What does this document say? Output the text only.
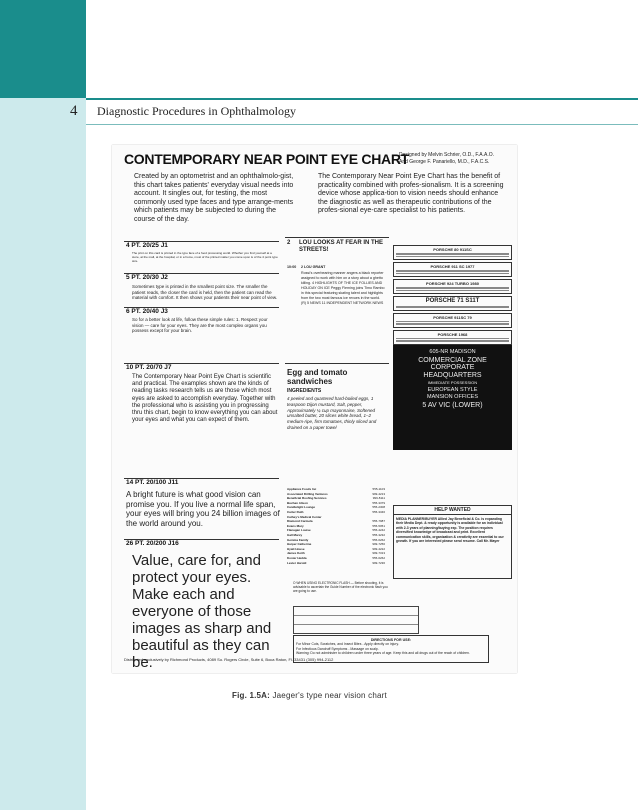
4 Diagnostic Procedures in Ophthalmology
CONTEMPORARY NEAR POINT EYE CHART
Designed by Melvin Schrier, O.D., F.A.A.O.
And George F. Panariello, M.D., F.A.C.S.
Created by an optometrist and an ophthalmolo-gist, this chart takes patients' everyday visual needs into account. It singles out, for testing, the most commonly used type faces and type arrange-ments which patients may be subjected to during the course of the day.
The Contemporary Near Point Eye Chart has the benefit of practicality combined with profes-sionalism. It is a screening device whose applica-tion to vision needs should enhance the diagnostic as well as therapeutic contributions of the profes-sional eye-care specialist to his patients.
4 PT. 20/25 J1
The print on this card is printed in the type face of a food processing world. Whether you find yourself at a store, at the mall, at the hospital, or in a home, most of the printed matter you come upon is of the 4 point type size.
5 PT. 20/30 J2
Sometimes type is printed in the smallest point size. The smaller the patient reads, the closer the card is held, then the patient can read the material with comfort. It then shows your patients their near point of view.
6 PT. 20/40 J3
So for a better look at life, follow these simple rules: 1. Respect your vision — care for your eyes. They are the most complex organs you possess except for your brain.
10 PT. 20/70 J7
The Contemporary Near Point Eye Chart is scientific and practical. The examples shown are the kinds of reading tasks research tells us are those which most eyes are asked to accomplish everyday. Together with the professional who is assisting you in progressing thru this chart, begin to know everything you can about your eyes and what you can expect of them.
14 PT. 20/100 J11
A bright future is what good vision can promise you. If you live a normal life span, your eyes will bring you 24 billion images of the world around you.
26 PT. 20/200 J16
Value, care for, and protect your eyes. Make each and everyone of those images as sharp and beautiful as they can be.
2 LOU LOOKS AT FEAR IN THE STREETS!
10:00	2 LOU GRANT
Rossi's overbearing manner angers a black reporter assigned to work with him on a story about a ghetto killing. 4 HIGHLIGHTS OF THE ICE FOLLIES AND HOLIDAY ON ICE Peggy Fleming joins Timo Rambo in this special featuring skating talent and highlights from the two most famous ice revues in the world. (R) 5 NEWS 11 INDEPENDENT NETWORK NEWS
PORSCHE 80 911SC
PORSCHE 911 SC 1977
PORSCHE 924 TURBO 1980
PORSCHE 71 S11T
PORSCHE 911SC 79
PORSCHE 1968
605-NR MADISON
COMMERCIAL ZONE
CORPORATE
HEADQUARTERS
IMMEDIATE POSSESSION
EUROPEAN STYLE
MANSION OFFICES
5 AV VIC (LOWER)
Egg and tomato sandwiches
INGREDIENTS
4 peeled and quartered hard-boiled eggs, 1 teaspoon Dijon mustard, Salt, pepper, Approximately ¼ cup mayonnaise, Softened unsalted butter, 20 slices white bread, 1–2 medium-ripe, firm tomatoes, thinly sliced and drained on a paper towel
Appliance Foods Inc	555-1103
Associated Drilling Ventures	999-4213
Beneficial Roofing Services	999-8111
Buchan Alison	555-3379
Candlelight Lounge	555-2308
Carter Ruth	555-3346
Cathey's Medical Center
Diamond Carmela	555-7987
Evans Mary	555-5051
Flanagan Louise	555-4242
Gall Marcy	555-3232
Gemma Family	555-6262
Harper Catherine	999-7256
Hyatt House	999-4222
James Keith	999-7313
Koster Hedda	555-6262
Lester Harold	999-7236
HELP WANTED
MEDIA PLANNER/BUYER Allied Jay Beneficial & Co. is expanding their Media Dept. & ready opportunity is available for an individual with 2-3 years of planning/buying exp. The position requires diversified knowledge of broadcast and print. Excellent communication skills, organization & creativity are essential to our growth. If you are interested please send resume. Call Mr. Mayer
O WHEN USING ELECTRONIC FLASH — Before shooting, it is advisable to ascertain the Guide Number of the electronic flash you are going to use.
DIRECTIONS FOR USE:
For Minor Cuts, Scratches, and Insect Bites - Apply directly on injury.
For Infectious Dandruff Symptoms - Massage on scalp.
Warning: Do not administer to children under three years of age. Keep this and all drugs out of the reach of children.
Distributed exclusively by Richmond Products, 4089 So. Rogers Circle, Suite 6, Boca Raton, Fl. 33431 (305) 994-2112
Fig. 1.5A: Jaeger's type near vision chart
